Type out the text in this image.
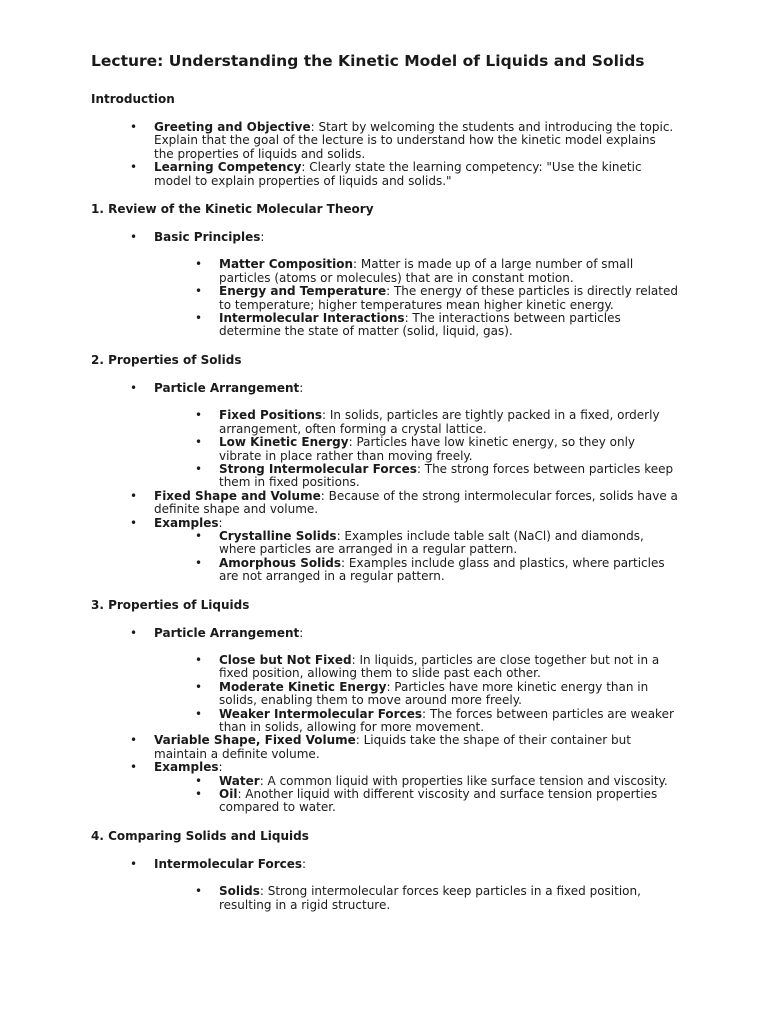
Lecture: Understanding the Kinetic Model of Liquids and Solids
Introduction
• Greeting and Objective: Start by welcoming the students and introducing the topic. Explain that the goal of the lecture is to understand how the kinetic model explains the properties of liquids and solids.
• Learning Competency: Clearly state the learning competency: "Use the kinetic model to explain properties of liquids and solids."
1. Review of the Kinetic Molecular Theory
• Basic Principles:
• Matter Composition: Matter is made up of a large number of small particles (atoms or molecules) that are in constant motion.
• Energy and Temperature: The energy of these particles is directly related to temperature; higher temperatures mean higher kinetic energy.
• Intermolecular Interactions: The interactions between particles determine the state of matter (solid, liquid, gas).
2. Properties of Solids
• Particle Arrangement:
• Fixed Positions: In solids, particles are tightly packed in a fixed, orderly arrangement, often forming a crystal lattice.
• Low Kinetic Energy: Particles have low kinetic energy, so they only vibrate in place rather than moving freely.
• Strong Intermolecular Forces: The strong forces between particles keep them in fixed positions.
• Fixed Shape and Volume: Because of the strong intermolecular forces, solids have a definite shape and volume.
• Examples:
• Crystalline Solids: Examples include table salt (NaCl) and diamonds, where particles are arranged in a regular pattern.
• Amorphous Solids: Examples include glass and plastics, where particles are not arranged in a regular pattern.
3. Properties of Liquids
• Particle Arrangement:
• Close but Not Fixed: In liquids, particles are close together but not in a fixed position, allowing them to slide past each other.
• Moderate Kinetic Energy: Particles have more kinetic energy than in solids, enabling them to move around more freely.
• Weaker Intermolecular Forces: The forces between particles are weaker than in solids, allowing for more movement.
• Variable Shape, Fixed Volume: Liquids take the shape of their container but maintain a definite volume.
• Examples:
• Water: A common liquid with properties like surface tension and viscosity.
• Oil: Another liquid with different viscosity and surface tension properties compared to water.
4. Comparing Solids and Liquids
• Intermolecular Forces:
• Solids: Strong intermolecular forces keep particles in a fixed position, resulting in a rigid structure.
